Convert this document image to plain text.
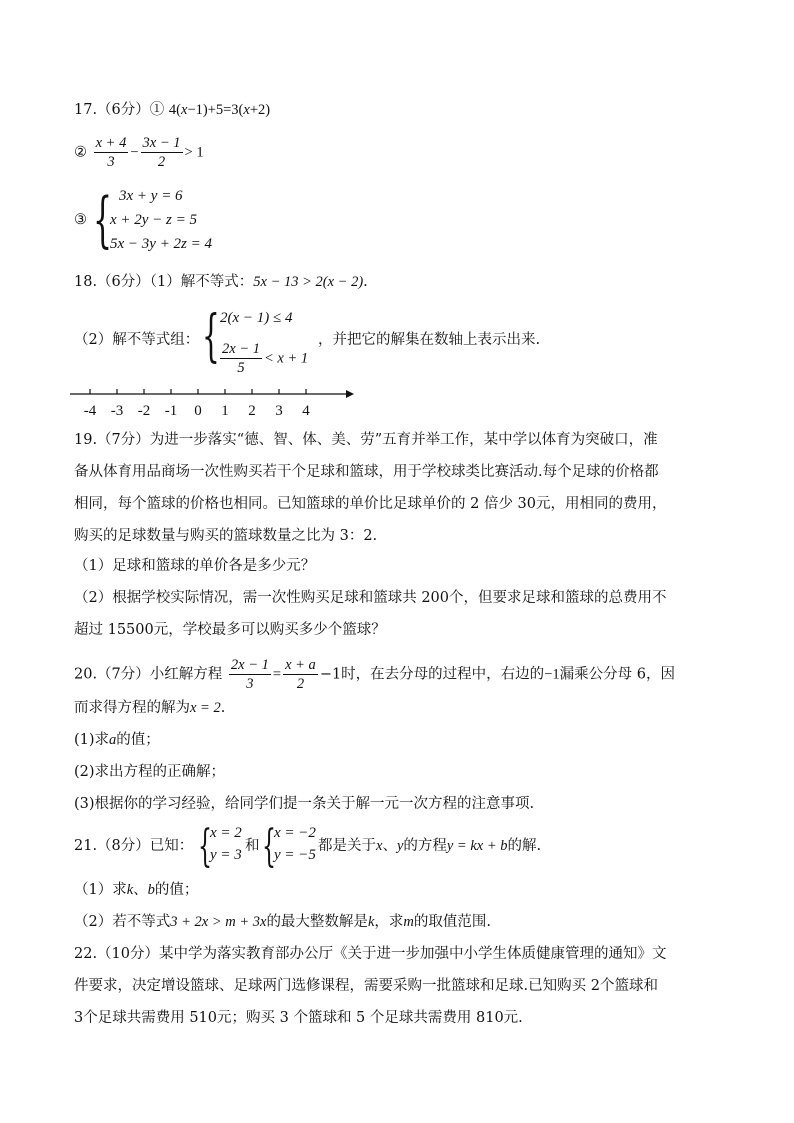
17.（6分）① 4(x−1)+5=3(x+2)
② $\frac{x + 4}{3} - \frac{3x - 1}{2} > 1$
③ { 3x + y = 6
x + 2y − z = 5
5x − 3y + 2z = 4
18.（6分）（1）解不等式：5x − 13 > 2(x − 2).
（2）解不等式组： { 2(x − 1) ≤ 4
$\frac{2x - 1}{5} < x + 1$
，并把它的解集在数轴上表示出来.
-4 -3 -2 -1 0 1 2 3 4
19.（7分）为进一步落实“德、智、体、美、劳”五育并举工作，某中学以体育为突破口，准
备从体育用品商场一次性购买若干个足球和篮球，用于学校球类比赛活动.每个足球的价格都
相同，每个篮球的价格也相同。已知篮球的单价比足球单价的 2 倍少 30元，用相同的费用，
购买的足球数量与购买的篮球数量之比为 3：2.
（1）足球和篮球的单价各是多少元？
（2）根据学校实际情况，需一次性购买足球和篮球共 200个，但要求足球和篮球的总费用不
超过 15500元，学校最多可以购买多少个篮球？
20.（7分）小红解方程 $\frac{2x - 1}{3} = \frac{x + a}{2} -1$时，在去分母的过程中，右边的−1漏乘公分母 6，因
而求得方程的解为x = 2.
(1)求a的值；
(2)求出方程的正确解；
(3)根据你的学习经验，给同学们提一条关于解一元一次方程的注意事项.
21.（8分）已知： {
x = 2
y = 3
和 {
x = −2
y = −5
都是关于x、y的方程y = kx + b的解.
（1）求k、b的值；
（2）若不等式3 + 2x > m + 3x的最大整数解是k，求m的取值范围.
22.（10分）某中学为落实教育部办公厅《关于进一步加强中小学生体质健康管理的通知》文
件要求，决定增设篮球、足球两门选修课程，需要采购一批篮球和足球.已知购买 2个篮球和
3个足球共需费用 510元；购买 3 个篮球和 5 个足球共需费用 810元.
